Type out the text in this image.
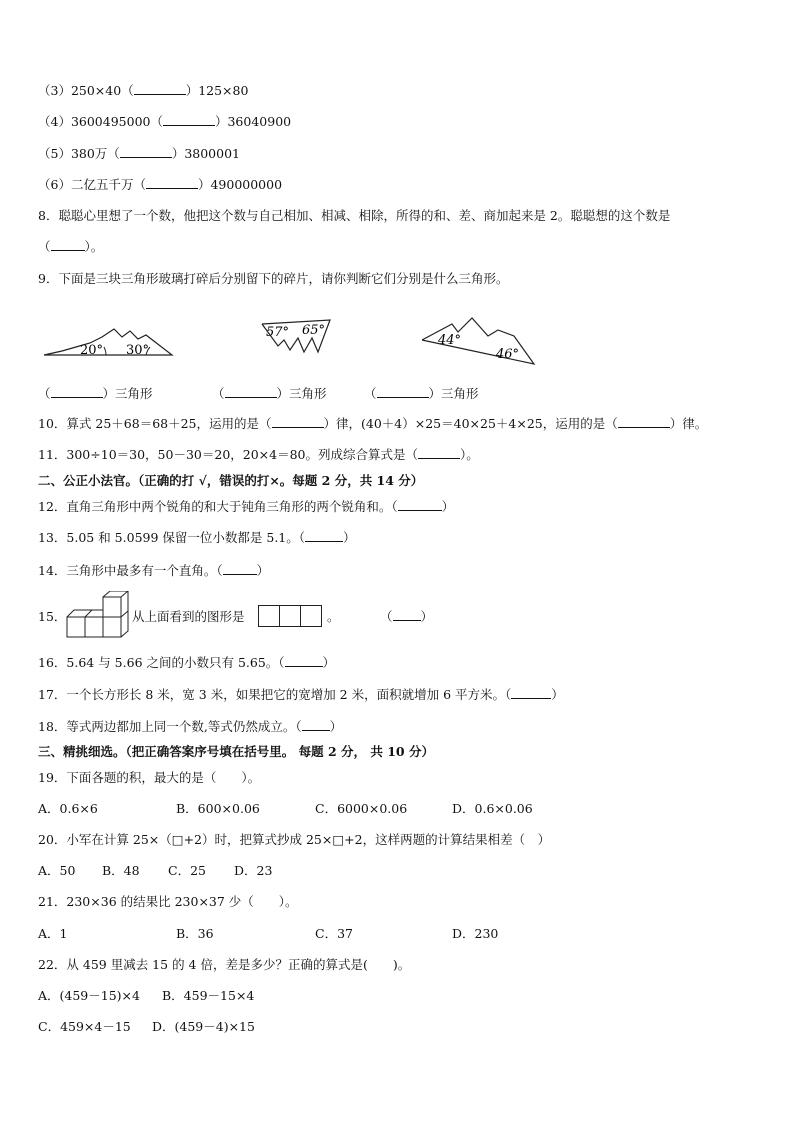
（3）250×40（	）125×80
（4）3600495000（	）36040900
（5）380万（	）3800001
（6）二亿五千万（	）490000000
8．聪聪心里想了一个数，他把这个数与自己相加、相减、相除，所得的和、差、商加起来是 2。聪聪想的这个数是
（	）。
9．下面是三块三角形玻璃打碎后分别留下的碎片，请你判断它们分别是什么三角形。
20° 30°
57° 65°
44°
46°
（	）三角形	（	）三角形	（	）三角形
10．算式 25＋68＝68＋25，运用的是（	）律，(40＋4）×25＝40×25＋4×25，运用的是（	）律。
11．300÷10＝30，50－30＝20，20×4＝80。列成综合算式是（	）。
二、公正小法官。（正确的打 √，错误的打×。每题 2 分，共 14 分）
12．直角三角形中两个锐角的和大于钝角三角形的两个锐角和。（	）
13．5.05 和 5.0599 保留一位小数都是 5.1。（	）
14．三角形中最多有一个直角。（	）
15．	从上面看到的图形是	。	（ ）
16．5.64 与 5.66 之间的小数只有 5.65。（	）
17．一个长方形长 8 米，宽 3 米，如果把它的宽增加 2 米，面积就增加 6 平方米。（	）
18．等式两边都加上同一个数,等式仍然成立。（ ）
三、精挑细选。（把正确答案序号填在括号里。 每题 2 分， 共 10 分）
19．下面各题的积，最大的是（　　）。
A．0.6×6	B．600×0.06	C．6000×0.06	D．0.6×0.06
20．小军在计算 25×（□+2）时，把算式抄成 25×□+2，这样两题的计算结果相差（　）
A．50 B．48 C．25 D．23
21．230×36 的结果比 230×37 少（　　）。
A．1	B．36	C．37	D．230
22．从 459 里减去 15 的 4 倍，差是多少？正确的算式是(　　)。
A．(459－15)×4 B．459－15×4
C．459×4－15 D．(459－4)×15
